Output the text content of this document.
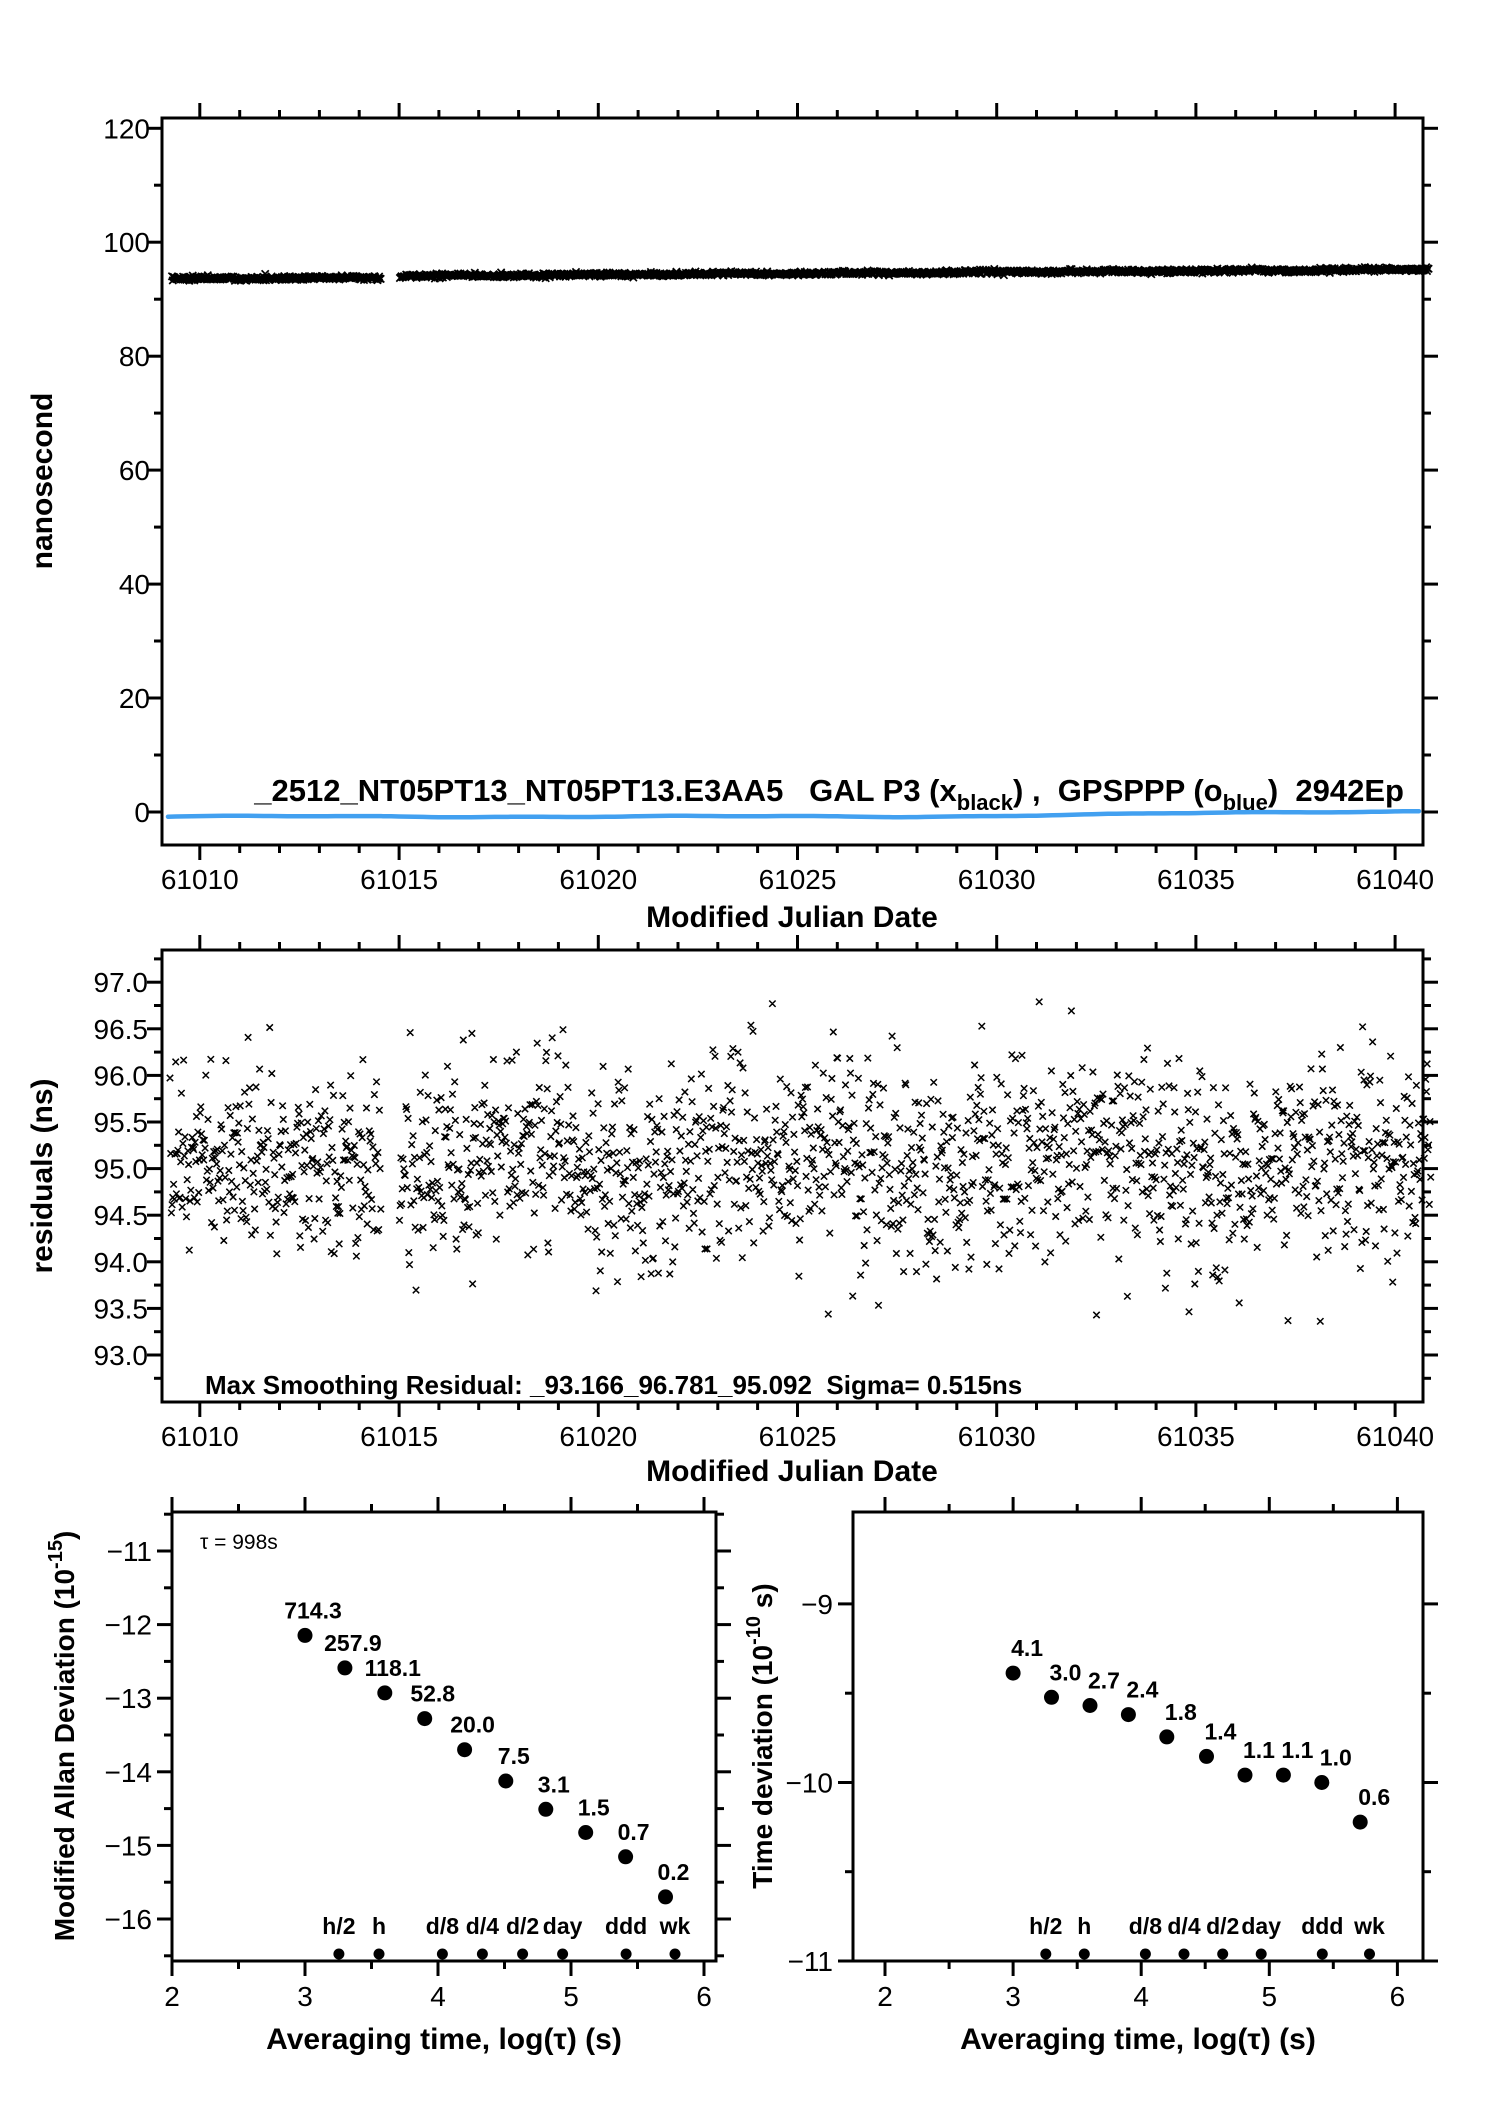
714.3
257.9
118.1
52.8
20.0
7.5
3.1
1.5
0.7
0.2
h/2 h d/8 d/4 d/2 day ddd wk
4.1
3.0 2.7 2.4
1.8
1.4
1.1 1.1 1.0
0.6
h/2 h d/8 d/4 d/2 day ddd wk
61010	61015	61020	61025	61030	61035	61040
0
20
40
60
80
100
120
61010	61015	61020	61025	61030	61035	61040
93.0
93.5
94.0
94.5
95.0
95.5
96.0
96.5
97.0
2	3	4	5	6
−11
−12
−13
−14
−15
−16
2	3	4	5	6
−9
−10
−11
nanosecond
Modified Julian Date
_2512_NT05PT13_NT05PT13.E3AA5   GAL P3 $(x_{black})$ ,  GPSPPP $(o_{blue})$  2942Ep
residuals (ns)
Modified Julian Date
Max Smoothing Residual: _93.166_96.781_95.092  Sigma= 0.515ns
Modified Allan Deviation $(10^{-15})$
Averaging time, log(τ) (s)
τ = 998s
Time deviation ($10^{-10}$ s)
Averaging time, log(τ) (s)
